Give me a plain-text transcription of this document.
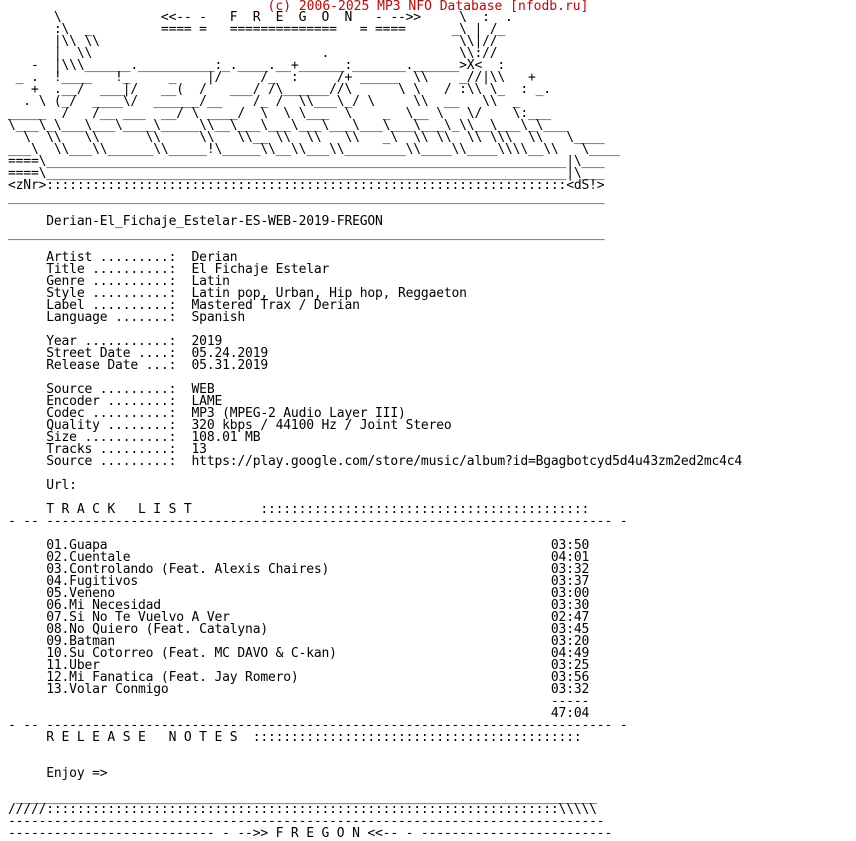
(c) 2006-2025 MP3 NFO Database [nfodb.ru]
\             <<-- -   F  R  E  G  O  N   - -->>     \  :  .
:\  _         ==== =   ==============   = ====      _\ | /_
|\\ \\                                               \\|//
|  \\                              .                 \\://
-  |\\\______.__________:_.____.__+______:_______.______>X<  :
_ .  !____   !_     _    |/     /_  :     /+ _____  \\    _//|\\   +
+  .__/  ___|/   __(  /   ___/ /\______//\      \ \   / :\\ \_  : _.
. \ (_/  ____\/  ______/__    /_ /  \\___\_/ \     \\  __   \\  _
_____  /   /__ ___  __/ \ ____/  \  \ \___  \    _  \__ \   \/    \:___
\___\_\___\___\____\_____\\__\___\___\___\___\___\___\___\_\\__\___\_\___
\  \\   \\      \\     \\   \\__ \\  \\   \\   _\  \\ \\  \\ \\\  \\   \____
___\  \\___\\______\\_____!\_____\\__\\___\\________\\____\\____\\\\__\\   \____
====\____________________________________________________________________|\___
====\____________________________________________________________________|\___
<zNr>::::::::::::::::::::::::::::::::::::::::::::::::::::::::::::::::::::<dS!>
______________________________________________________________________________

Derian-El_Fichaje_Estelar-ES-WEB-2019-FREGON
______________________________________________________________________________

Artist .........:  Derian
Title ..........:  El Fichaje Estelar
Genre ..........:  Latin
Style ..........:  Latin pop, Urban, Hip hop, Reggaeton
Label ..........:  Mastered Trax / Derian
Language .......:  Spanish

Year ...........:  2019
Street Date ....:  05.24.2019
Release Date ...:  05.31.2019

Source .........:  WEB
Encoder ........:  LAME
Codec ..........:  MP3 (MPEG-2 Audio Layer III)
Quality ........:  320 kbps / 44100 Hz / Joint Stereo
Size ...........:  108.01 MB
Tracks .........:  13
Source .........:  https://play.google.com/store/music/album?id=Bgagbotcyd5d4u43zm2ed2mc4c4

Url:

T R A C K   L I S T         :::::::::::::::::::::::::::::::::::::::::::
- -- -------------------------------------------------------------------------- -

01.Guapa                                                          03:50
02.Cuentale                                                       04:01
03.Controlando (Feat. Alexis Chaires)                             03:32
04.Fugitivos                                                      03:37
05.Veneno                                                         03:00
06.Mi Necesidad                                                   03:30
07.Si No Te Vuelvo A Ver                                          02:47
08.No Quiero (Feat. Catalyna)                                     03:45
09.Batman                                                         03:20
10.Su Cotorreo (Feat. MC DAVO & C-kan)                            04:49
11.Uber                                                           03:25
12.Mi Fanatica (Feat. Jay Romero)                                 03:56
13.Volar Conmigo                                                  03:32
-----
47:04
- -- -------------------------------------------------------------------------- -
R E L E A S E   N O T E S  :::::::::::::::::::::::::::::::::::::::::::

Enjoy =>

____________________________________________________________________________
/////:::::::::::::::::::::::::::::::::::::::::::::::::::::::::::::::::::\\\\\
------------------------------------------------------------------------------
--------------------------- - -->> F R E G O N <<-- - -------------------------
